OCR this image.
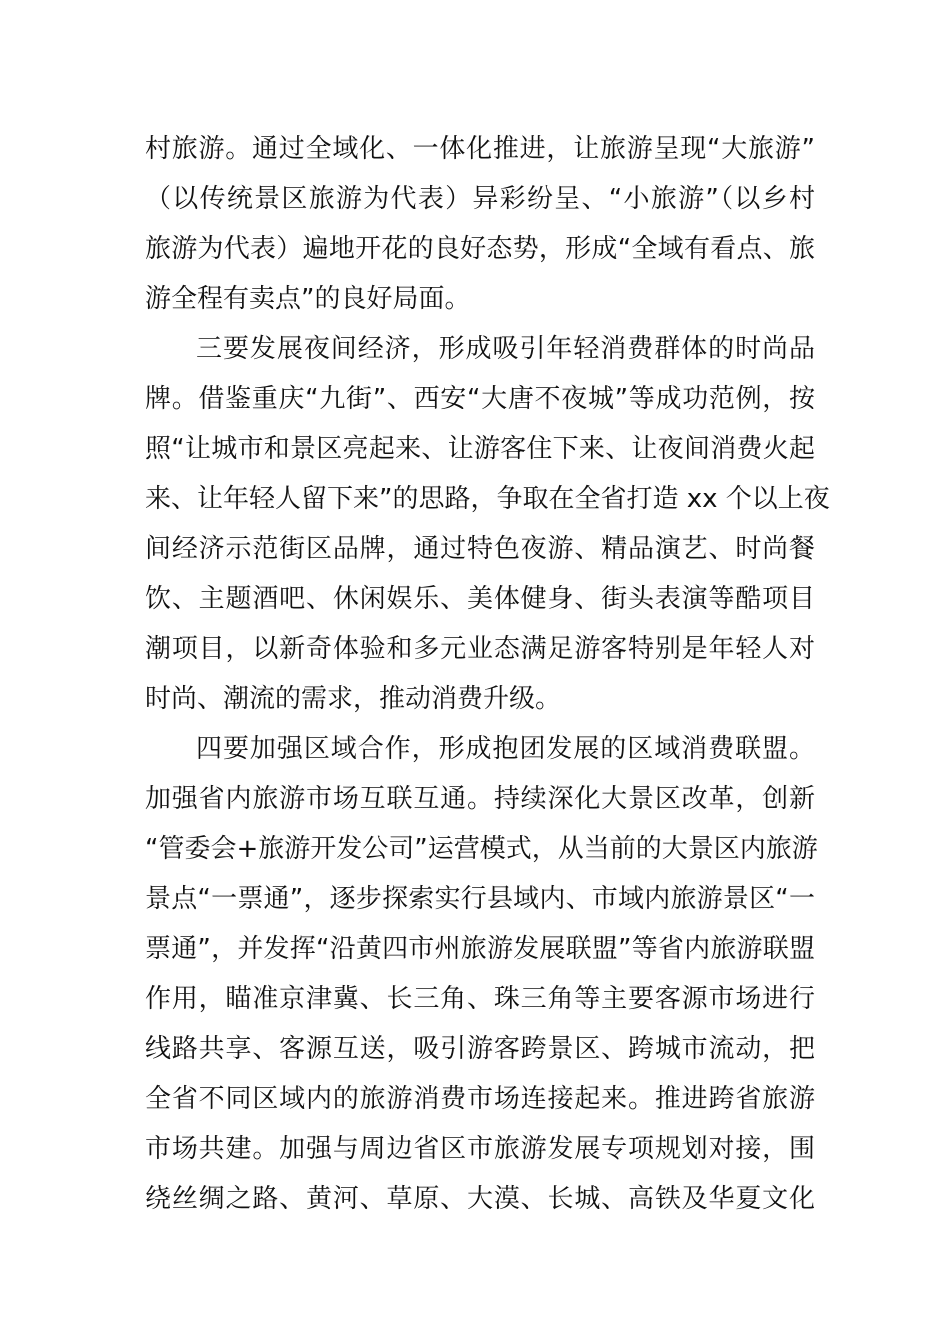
村旅游。通过全域化、一体化推进，让旅游呈现“大旅游”
（以传统景区旅游为代表）异彩纷呈、“小旅游”（以乡村
旅游为代表）遍地开花的良好态势，形成“全域有看点、旅
游全程有卖点”的良好局面。
三要发展夜间经济，形成吸引年轻消费群体的时尚品
牌。借鉴重庆“九街”、西安“大唐不夜城”等成功范例，按
照“让城市和景区亮起来、让游客住下来、让夜间消费火起
来、让年轻人留下来”的思路，争取在全省打造 xx 个以上夜
间经济示范街区品牌，通过特色夜游、精品演艺、时尚餐
饮、主题酒吧、休闲娱乐、美体健身、街头表演等酷项目
潮项目，以新奇体验和多元业态满足游客特别是年轻人对
时尚、潮流的需求，推动消费升级。
四要加强区域合作，形成抱团发展的区域消费联盟。
加强省内旅游市场互联互通。持续深化大景区改革，创新
“管委会+旅游开发公司”运营模式，从当前的大景区内旅游
景点“一票通”，逐步探索实行县域内、市域内旅游景区“一
票通”，并发挥“沿黄四市州旅游发展联盟”等省内旅游联盟
作用，瞄准京津冀、长三角、珠三角等主要客源市场进行
线路共享、客源互送，吸引游客跨景区、跨城市流动，把
全省不同区域内的旅游消费市场连接起来。推进跨省旅游
市场共建。加强与周边省区市旅游发展专项规划对接，围
绕丝绸之路、黄河、草原、大漠、长城、高铁及华夏文化
